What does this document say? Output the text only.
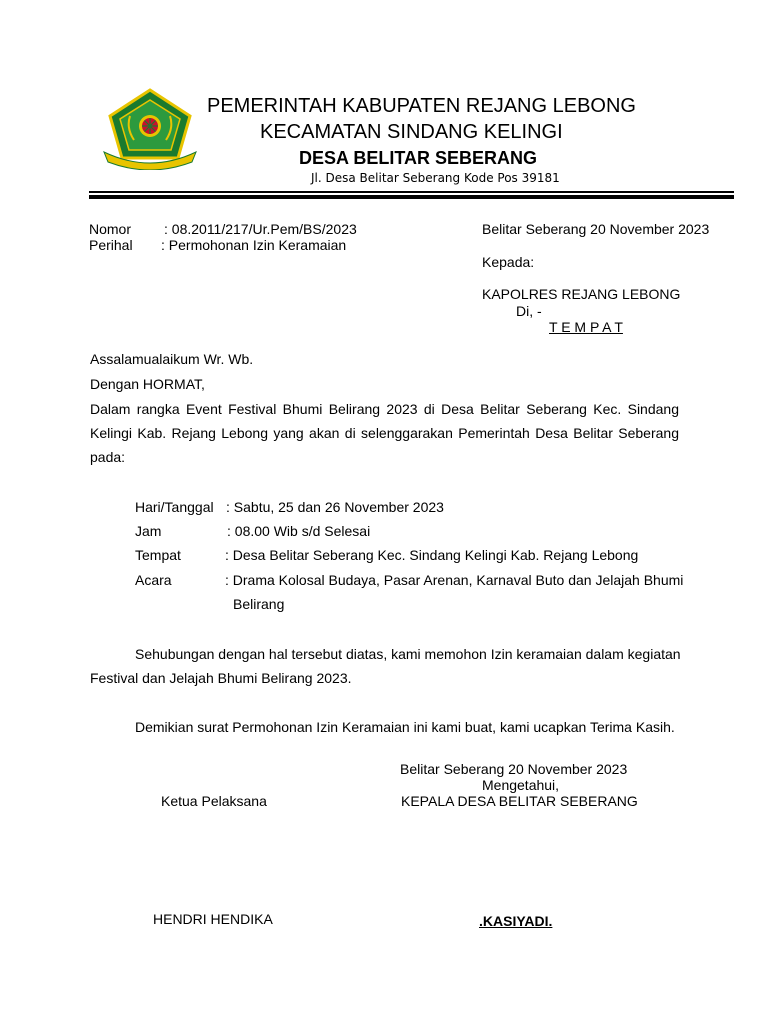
PEMERINTAH KABUPATEN REJANG LEBONG
KECAMATAN SINDANG KELINGI
DESA BELITAR SEBERANG
Jl. Desa Belitar Seberang Kode Pos 39181
Nomor : 08.2011/217/Ur.Pem/BS/2023
Perihal : Permohonan Izin Keramaian
Belitar Seberang 20 November 2023
Kepada:
KAPOLRES REJANG LEBONG
Di, -
T E M P A T
Assalamualaikum Wr. Wb.
Dengan HORMAT,
Dalam rangka Event Festival Bhumi Belirang 2023 di Desa Belitar Seberang Kec. Sindang Kelingi Kab. Rejang Lebong yang akan di selenggarakan Pemerintah Desa Belitar Seberang pada:
Hari/Tanggal : Sabtu, 25 dan 26 November 2023
Jam	: 08.00 Wib s/d Selesai
Tempat	: Desa Belitar Seberang Kec. Sindang Kelingi Kab. Rejang Lebong
Acara	: Drama Kolosal Budaya, Pasar Arenan, Karnaval Buto dan Jelajah Bhumi
Belirang
Sehubungan dengan hal tersebut diatas, kami memohon Izin keramaian dalam kegiatan
Festival dan Jelajah Bhumi Belirang 2023.
Demikian surat Permohonan Izin Keramaian ini kami buat, kami ucapkan Terima Kasih.
Belitar Seberang 20 November 2023
Mengetahui,
Ketua Pelaksana	KEPALA DESA BELITAR SEBERANG
HENDRI HENDIKA	.KASIYADI.
